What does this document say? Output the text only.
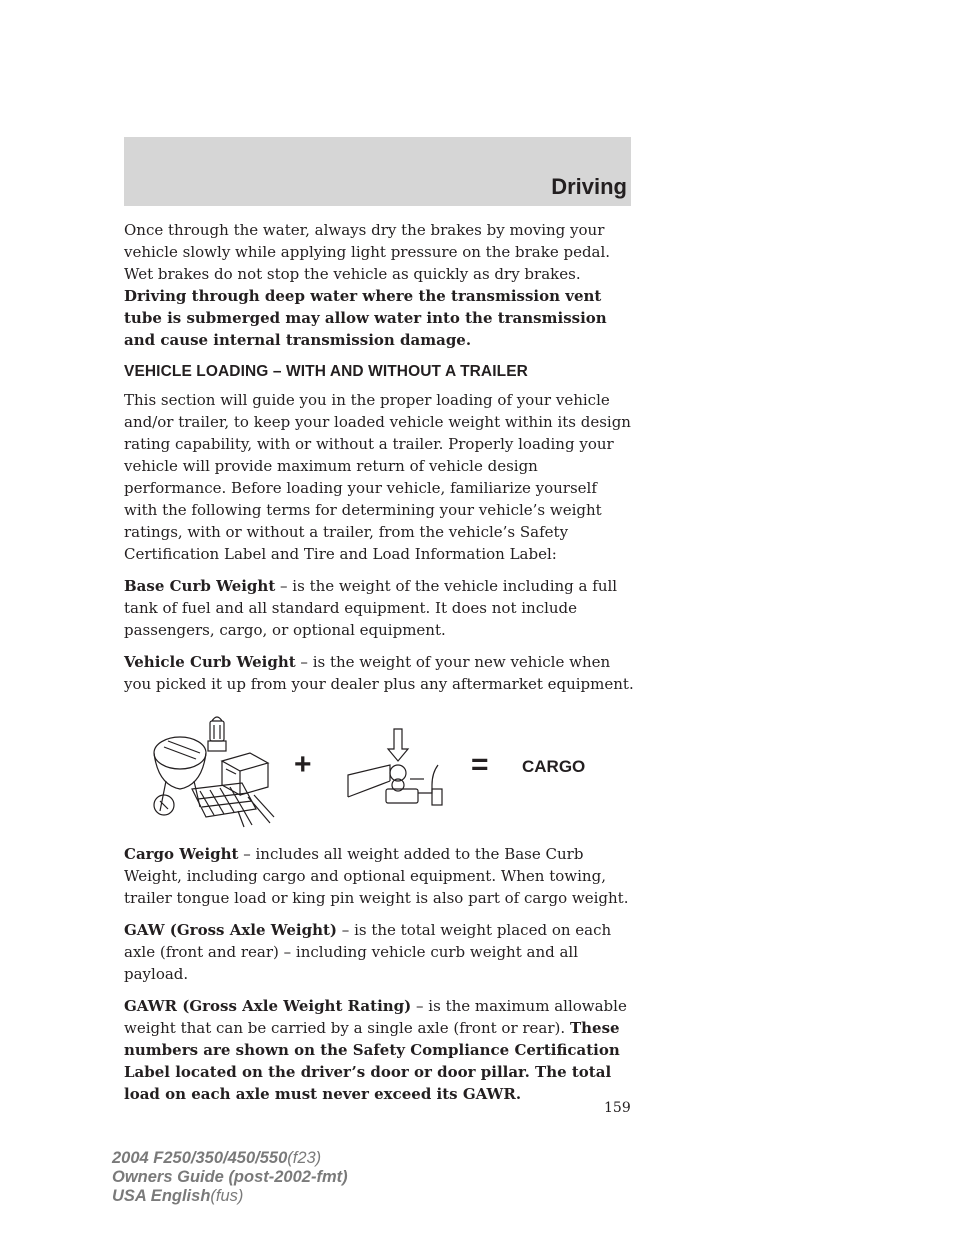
Driving

Once through the water, always dry the brakes by moving your vehicle slowly while applying light pressure on the brake pedal. Wet brakes do not stop the vehicle as quickly as dry brakes. Driving through deep water where the transmission vent tube is submerged may allow water into the transmission and cause internal transmission damage.

VEHICLE LOADING – WITH AND WITHOUT A TRAILER

This section will guide you in the proper loading of your vehicle and/or trailer, to keep your loaded vehicle weight within its design rating capability, with or without a trailer. Properly loading your vehicle will provide maximum return of vehicle design performance. Before loading your vehicle, familiarize yourself with the following terms for determining your vehicle’s weight ratings, with or without a trailer, from the vehicle’s Safety Certification Label and Tire and Load Information Label:

Base Curb Weight – is the weight of the vehicle including a full tank of fuel and all standard equipment. It does not include passengers, cargo, or optional equipment.

Vehicle Curb Weight – is the weight of your new vehicle when you picked it up from your dealer plus any aftermarket equipment.

+	= CARGO

Cargo Weight – includes all weight added to the Base Curb Weight, including cargo and optional equipment. When towing, trailer tongue load or king pin weight is also part of cargo weight.

GAW (Gross Axle Weight) – is the total weight placed on each axle (front and rear) – including vehicle curb weight and all payload.

GAWR (Gross Axle Weight Rating) – is the maximum allowable weight that can be carried by a single axle (front or rear). These numbers are shown on the Safety Compliance Certification Label located on the driver’s door or door pillar. The total load on each axle must never exceed its GAWR.

159
2004 F250/350/450/550(f23)
Owners Guide (post-2002-fmt)
USA English(fus)
